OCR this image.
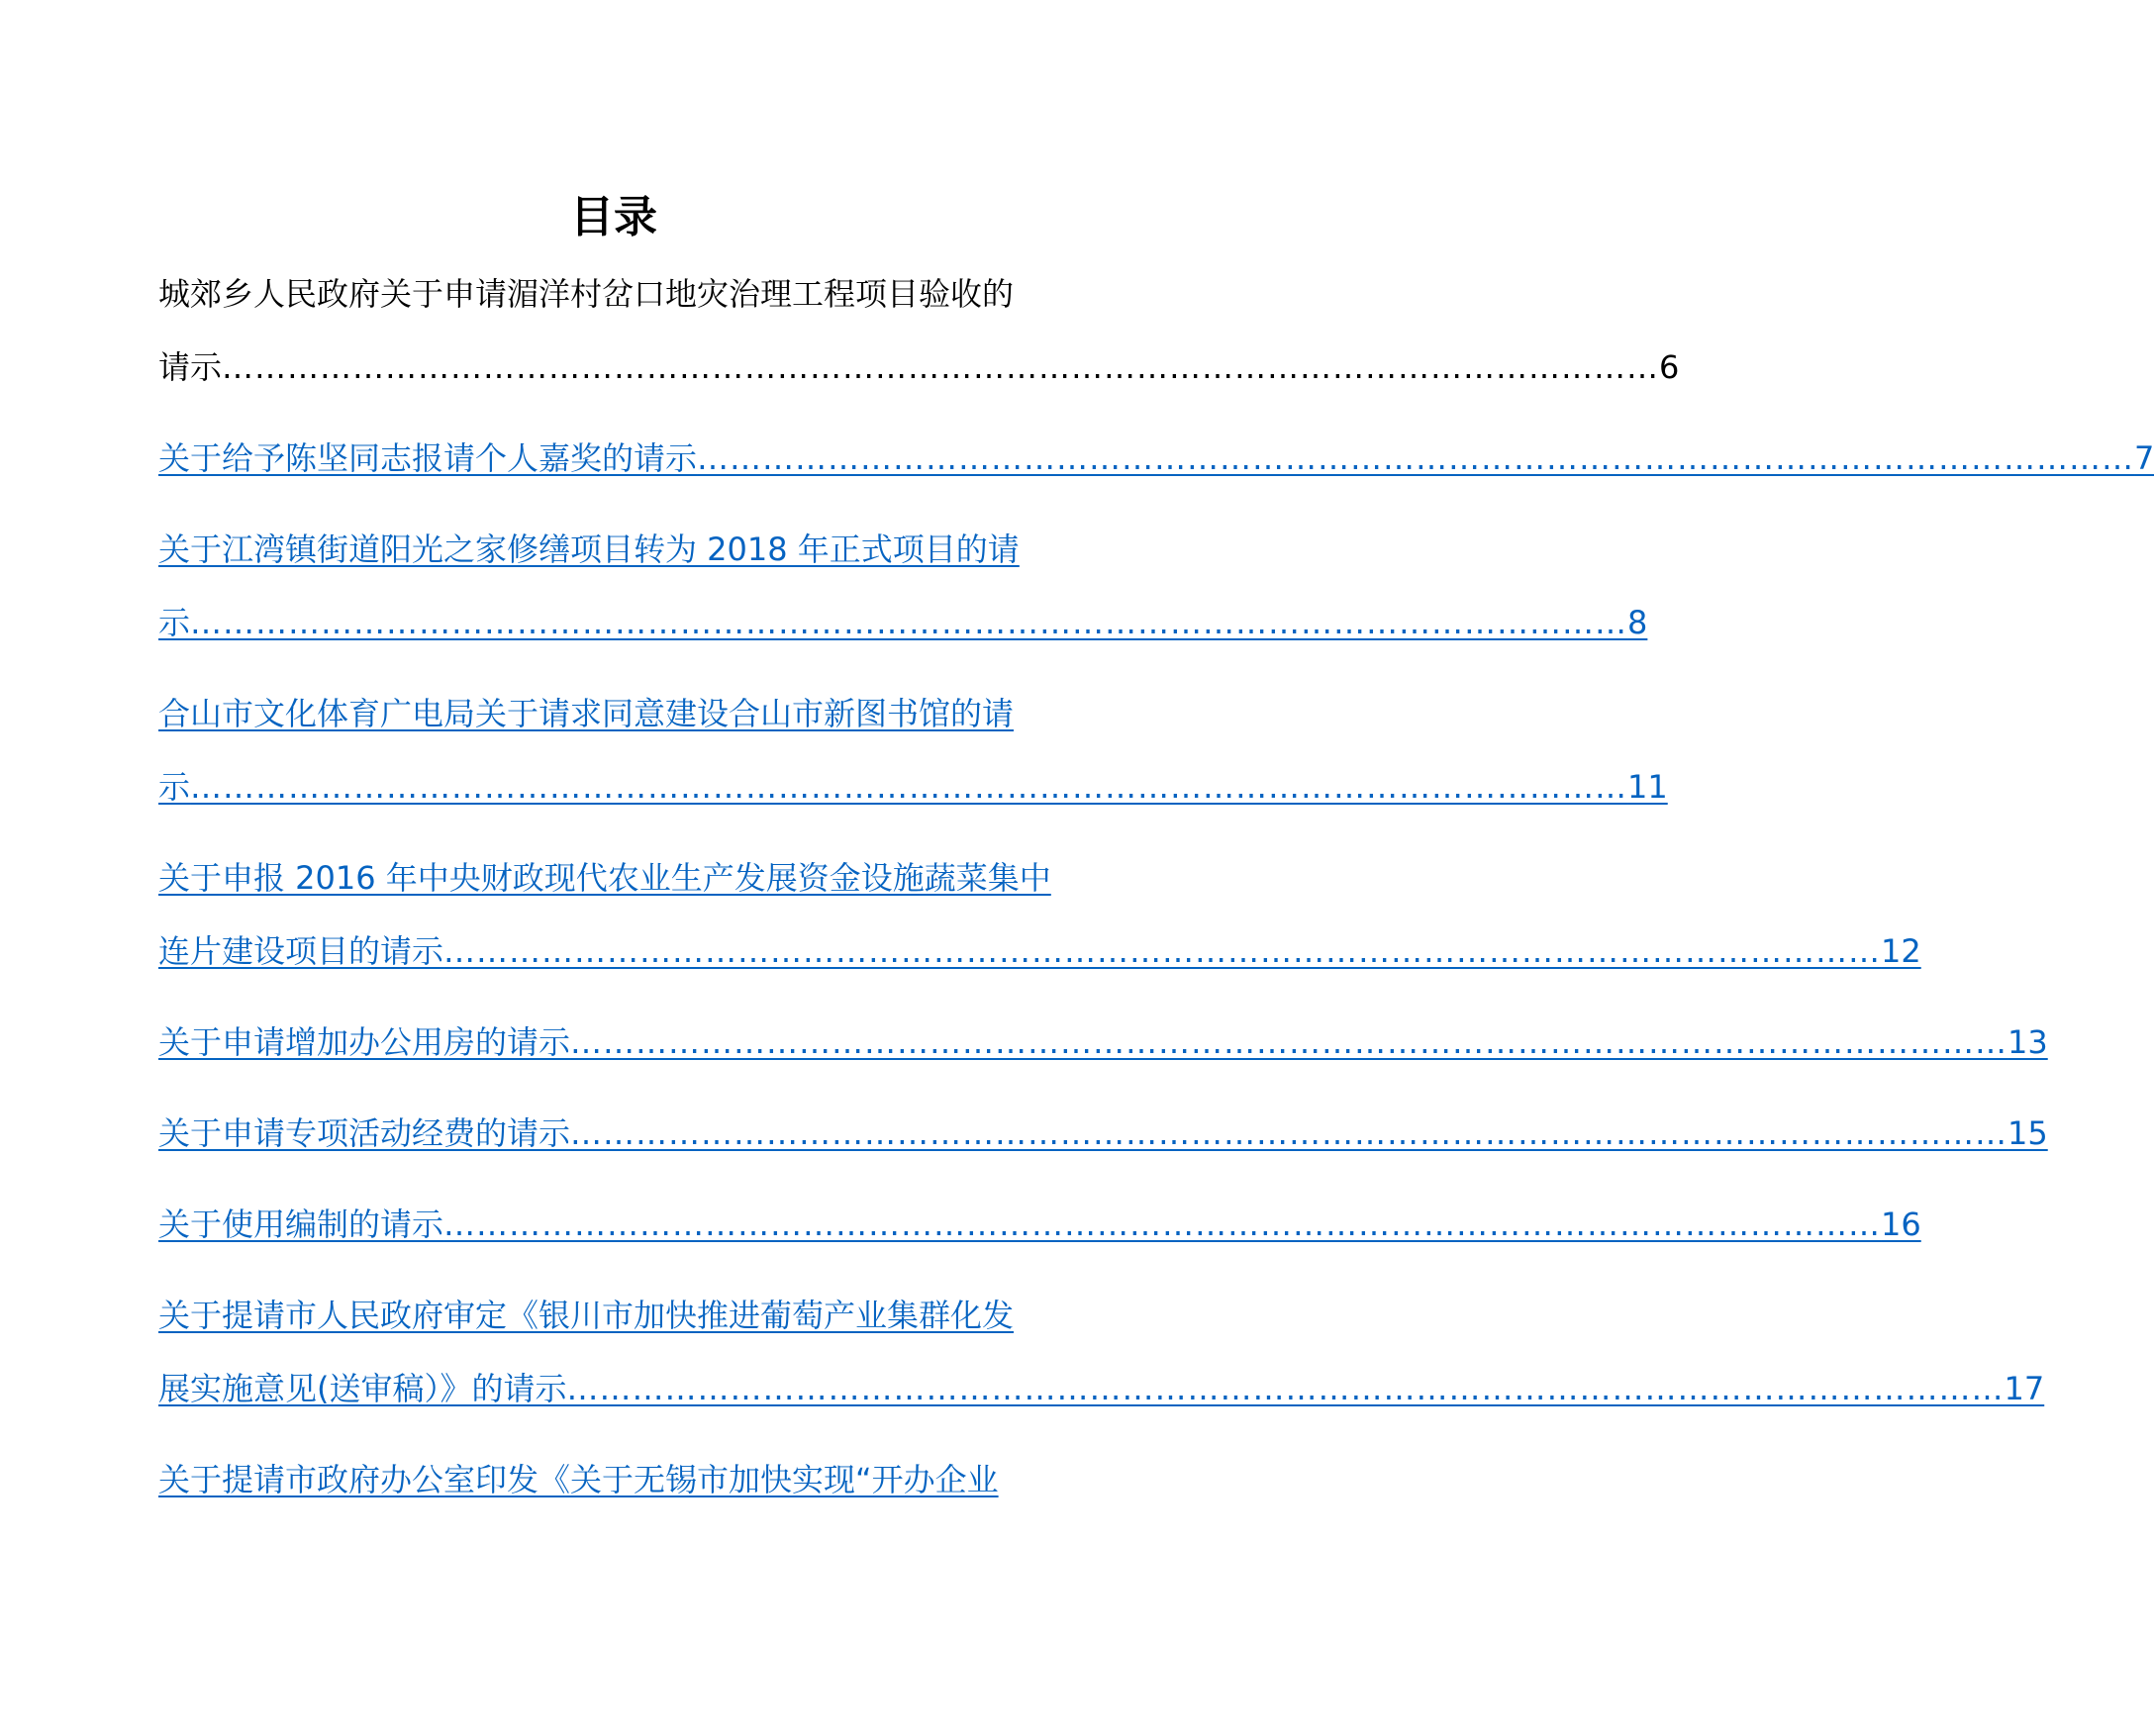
目录
城郊乡人民政府关于申请湄洋村岔口地灾治理工程项目验收的
请示 …………………………………………………………………………………………………………………… 6
关于给予陈坚同志报请个人嘉奖的请示 …………………………………………………………………………………………………………………… 7
关于江湾镇街道阳光之家修缮项目转为 2018 年正式项目的请
示 …………………………………………………………………………………………………………………… 8
合山市文化体育广电局关于请求同意建设合山市新图书馆的请
示 …………………………………………………………………………………………………………………… 11
关于申报 2016 年中央财政现代农业生产发展资金设施蔬菜集中
连片建设项目的请示 …………………………………………………………………………………………………………………… 12
关于申请增加办公用房的请示 …………………………………………………………………………………………………………………… 13
关于申请专项活动经费的请示 …………………………………………………………………………………………………………………… 15
关于使用编制的请示 …………………………………………………………………………………………………………………… 16
关于提请市人民政府审定《银川市加快推进葡萄产业集群化发
展实施意见(送审稿）》的请示 …………………………………………………………………………………………………………………… 17
关于提请市政府办公室印发《关于无锡市加快实现“开办企业
